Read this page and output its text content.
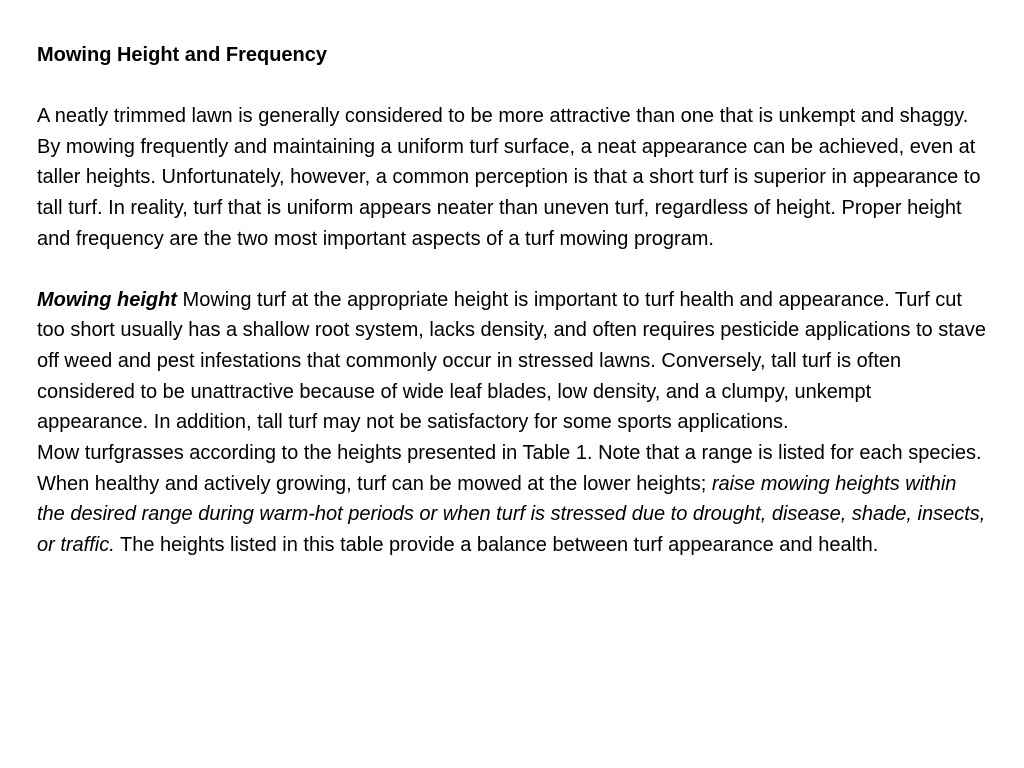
Mowing Height and Frequency

A neatly trimmed lawn is generally considered to be more attractive than one that is unkempt and shaggy. By mowing frequently and maintaining a uniform turf surface, a neat appearance can be achieved, even at taller heights. Unfortunately, however, a common perception is that a short turf is superior in appearance to tall turf. In reality, turf that is uniform appears neater than uneven turf, regardless of height. Proper height and frequency are the two most important aspects of a turf mowing program.

Mowing height Mowing turf at the appropriate height is important to turf health and appearance. Turf cut too short usually has a shallow root system, lacks density, and often requires pesticide applications to stave off weed and pest infestations that commonly occur in stressed lawns. Conversely, tall turf is often considered to be unattractive because of wide leaf blades, low density, and a clumpy, unkempt appearance. In addition, tall turf may not be satisfactory for some sports applications.

Mow turfgrasses according to the heights presented in Table 1. Note that a range is listed for each species. When healthy and actively growing, turf can be mowed at the lower heights; raise mowing heights within the desired range during warm-hot periods or when turf is stressed due to drought, disease, shade, insects, or traffic. The heights listed in this table provide a balance between turf appearance and health.
